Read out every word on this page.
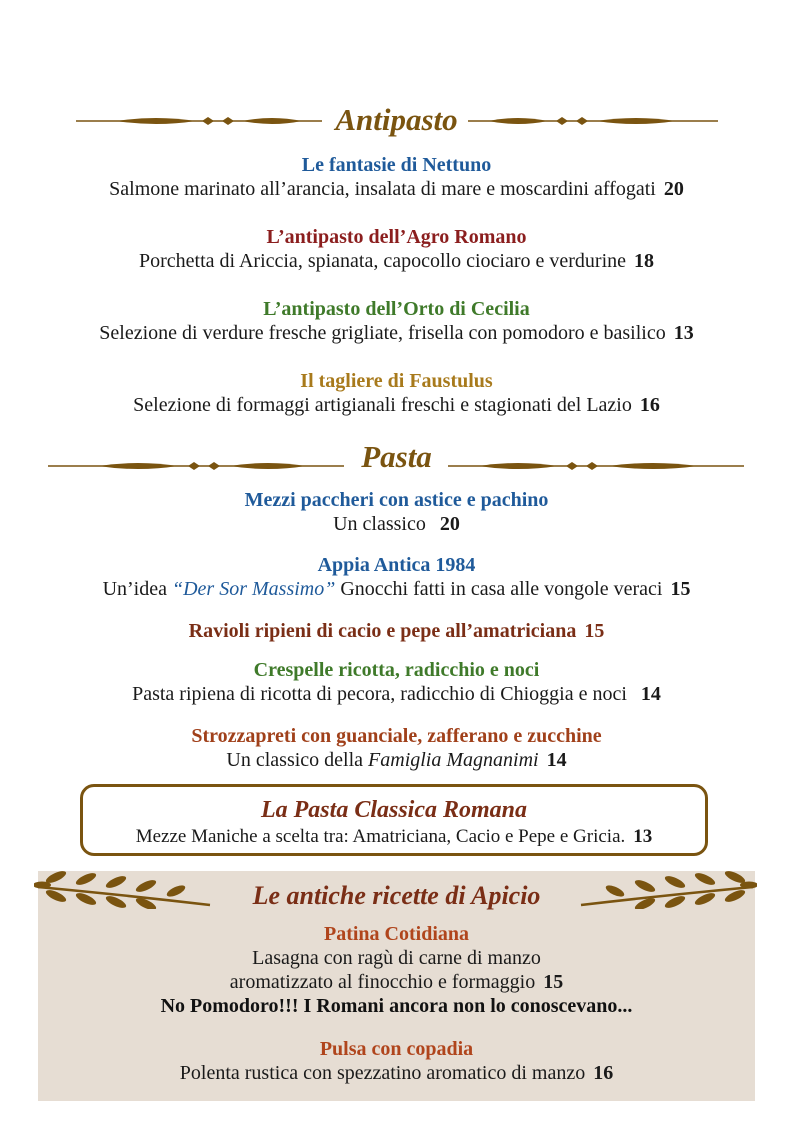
Antipasto
Le fantasie di Nettuno
Salmone marinato all’arancia, insalata di mare e moscardini affogati 20
L’antipasto dell’Agro Romano
Porchetta di Ariccia, spianata, capocollo ciociaro e verdurine 18
L’antipasto dell’Orto di Cecilia
Selezione di verdure fresche grigliate, frisella con pomodoro e basilico 13
Il tagliere di Faustulus
Selezione di formaggi artigianali freschi e stagionati del Lazio 16
Pasta
Mezzi paccheri con astice e pachino
Un classico 20
Appia Antica 1984
Un’idea “Der Sor Massimo” Gnocchi fatti in casa alle vongole veraci 15
Ravioli ripieni di cacio e pepe all’amatriciana 15
Crespelle ricotta, radicchio e noci
Pasta ripiena di ricotta di pecora, radicchio di Chioggia e noci 14
Strozzapreti con guanciale, zafferano e zucchine
Un classico della Famiglia Magnanimi 14
La Pasta Classica Romana
Mezze Maniche a scelta tra: Amatriciana, Cacio e Pepe e Gricia. 13
Le antiche ricette di Apicio
Patina Cotidiana
Lasagna con ragù di carne di manzo
aromatizzato al finocchio e formaggio 15
No Pomodoro!!! I Romani ancora non lo conoscevano...
Pulsa con copadia
Polenta rustica con spezzatino aromatico di manzo 16
